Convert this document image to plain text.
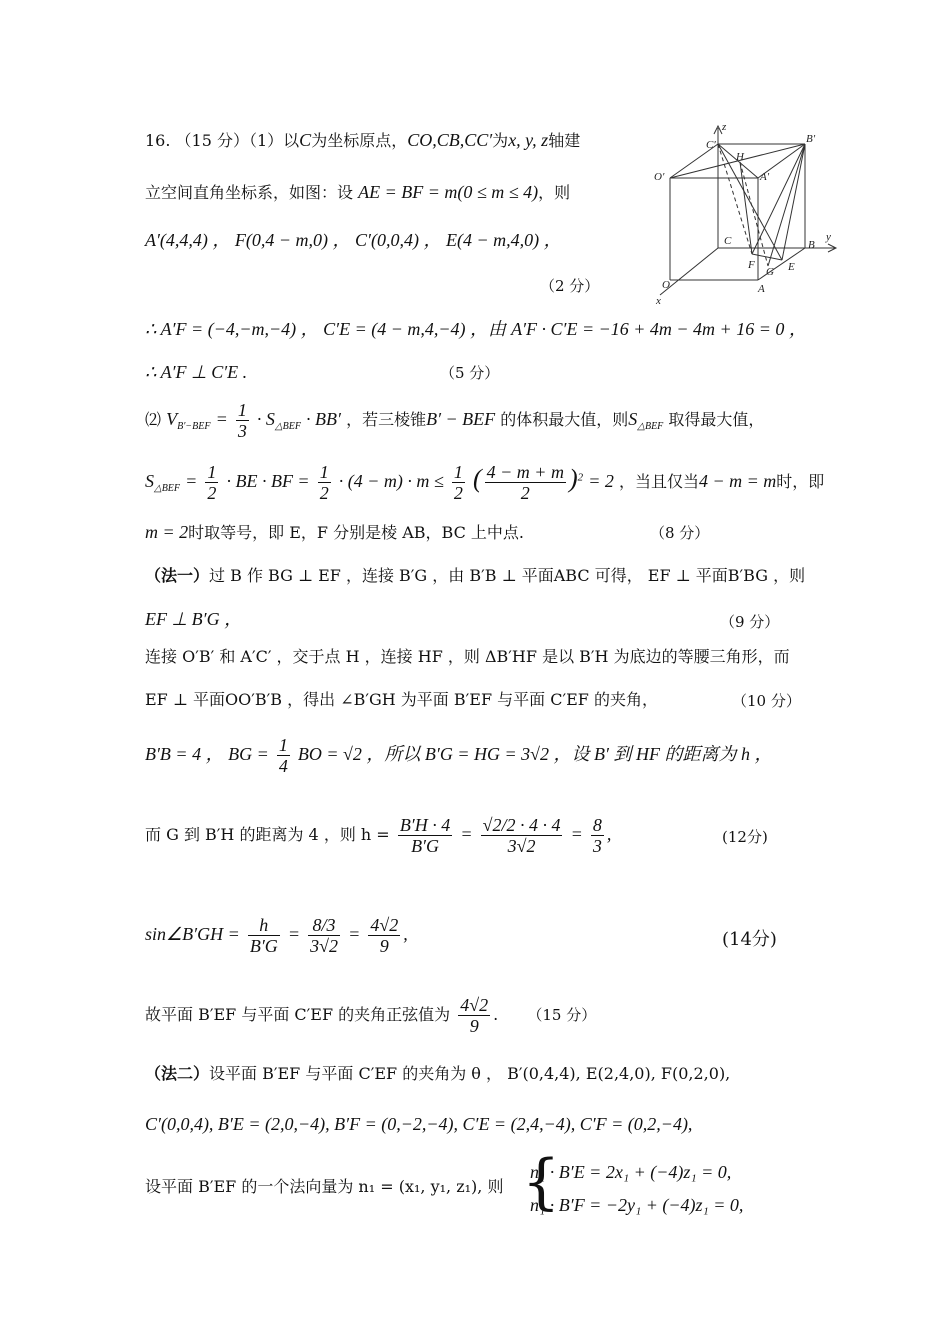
z
C′
H
B′
O′	A′
C	B
y
F
G E
O	A
x
16. （15 分）（1）以C为坐标原点，CO,CB,CC′为x, y, z轴建
立空间直角坐标系，如图：设 AE = BF = m(0 ≤ m ≤ 4)，则
A′(4,4,4) ， F(0,4 − m,0) ， C′(0,0,4) ， E(4 − m,4,0) ，
（2 分）
∴ A′F = (−4,−m,−4) ， C′E = (4 − m,4,−4) ，由 A′F · C′E = −16 + 4m − 4m + 16 = 0 ，
∴ A′F ⊥ C′E .	（5 分）
⑵ $V_{B'-BEF} = \frac{1}{3} \cdot S_{\triangle BEF} \cdot BB'$ ，若三棱锥B′ − BEF 的体积最大值，则$S_{\triangle BEF}$ 取得最大值，
$S_{\triangle BEF} = \frac{1}{2}$ · BE · BF = $\frac{1}{2} \cdot (4 - m) \cdot m \le \frac{1}{2}$ ( $\frac{4 - m + m}{2} )^2 = 2$ ，当且仅当4 − m = m时，即
m = 2时取等号，即 E，F 分别是棱 AB，BC 上中点.	（8 分）
（法一）过 B 作 BG ⊥ EF ，连接 B′G ，由 B′B ⊥ 平面ABC 可得， EF ⊥ 平面B′BG ，则
EF ⊥ B′G ，	（9 分）
连接 O′B′ 和 A′C′ ，交于点 H ，连接 HF ，则 ΔB′HF 是以 B′H 为底边的等腰三角形，而
EF ⊥ 平面OO′B′B ，得出 ∠B′GH 为平面 B′EF 与平面 C′EF 的夹角，	（10 分）
B′B = 4 ， BG = $\frac{1}{4}$ BO = √2 ，所以 B′G = HG = 3√2 ，设 B′ 到 HF 的距离为 h ，
而 G 到 B′H 的距离为 4 ，则 $h = \frac{B'H \cdot 4}{B'G} = \frac{√2/2 \cdot 4 \cdot 4}{3√2} = \frac{8}{3}$ ,	(12分)
sin∠B′GH = $\frac{h}{B'G} = \frac{8/3}{3√2} = \frac{4√2}{9}$ ,	(14分)
故平面 B′EF 与平面 C′EF 的夹角正弦值为 $\frac{4√2}{9}$ . （15 分）
（法二）设平面 B′EF 与平面 C′EF 的夹角为 θ ， B′(0,4,4), E(2,4,0), F(0,2,0),
C′(0,0,4), B′E = (2,0,−4), B′F = (0,−2,−4), C′E = (2,4,−4), C′F = (0,2,−4),
设平面 B′EF 的一个法向量为 n₁ = (x₁, y₁, z₁), 则 {
n₁ · B′E = 2x₁ + (−4)z₁ = 0,
n₁ · B′F = −2y₁ + (−4)z₁ = 0,
